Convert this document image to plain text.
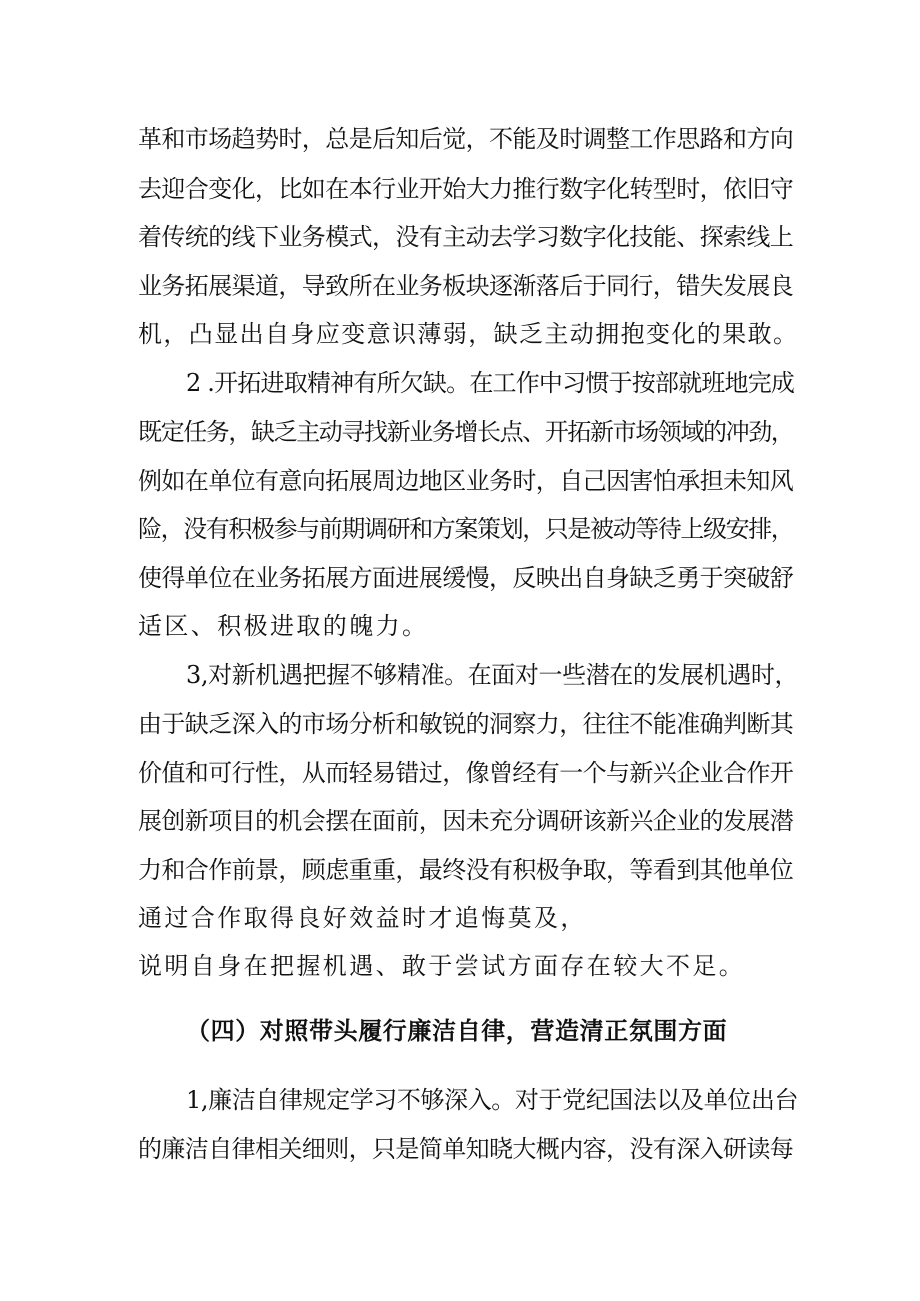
革和市场趋势时，总是后知后觉，不能及时调整工作思路和方向
去迎合变化，比如在本行业开始大力推行数字化转型时，依旧守
着传统的线下业务模式，没有主动去学习数字化技能、探索线上
业务拓展渠道，导致所在业务板块逐渐落后于同行，错失发展良
机，凸显出自身应变意识薄弱，缺乏主动拥抱变化的果敢。
2 .开拓进取精神有所欠缺。在工作中习惯于按部就班地完成
既定任务，缺乏主动寻找新业务增长点、开拓新市场领域的冲劲，
例如在单位有意向拓展周边地区业务时，自己因害怕承担未知风
险，没有积极参与前期调研和方案策划，只是被动等待上级安排，
使得单位在业务拓展方面进展缓慢，反映出自身缺乏勇于突破舒
适区、积极进取的魄力。
3,对新机遇把握不够精准。在面对一些潜在的发展机遇时，
由于缺乏深入的市场分析和敏锐的洞察力，往往不能准确判断其
价值和可行性，从而轻易错过，像曾经有一个与新兴企业合作开
展创新项目的机会摆在面前，因未充分调研该新兴企业的发展潜
力和合作前景，顾虑重重，最终没有积极争取，等看到其他单位
通过合作取得良好效益时才追悔莫及，
说明自身在把握机遇、敢于尝试方面存在较大不足。
（四）对照带头履行廉洁自律，营造清正氛围方面
1,廉洁自律规定学习不够深入。对于党纪国法以及单位出台
的廉洁自律相关细则，只是简单知晓大概内容，没有深入研读每
